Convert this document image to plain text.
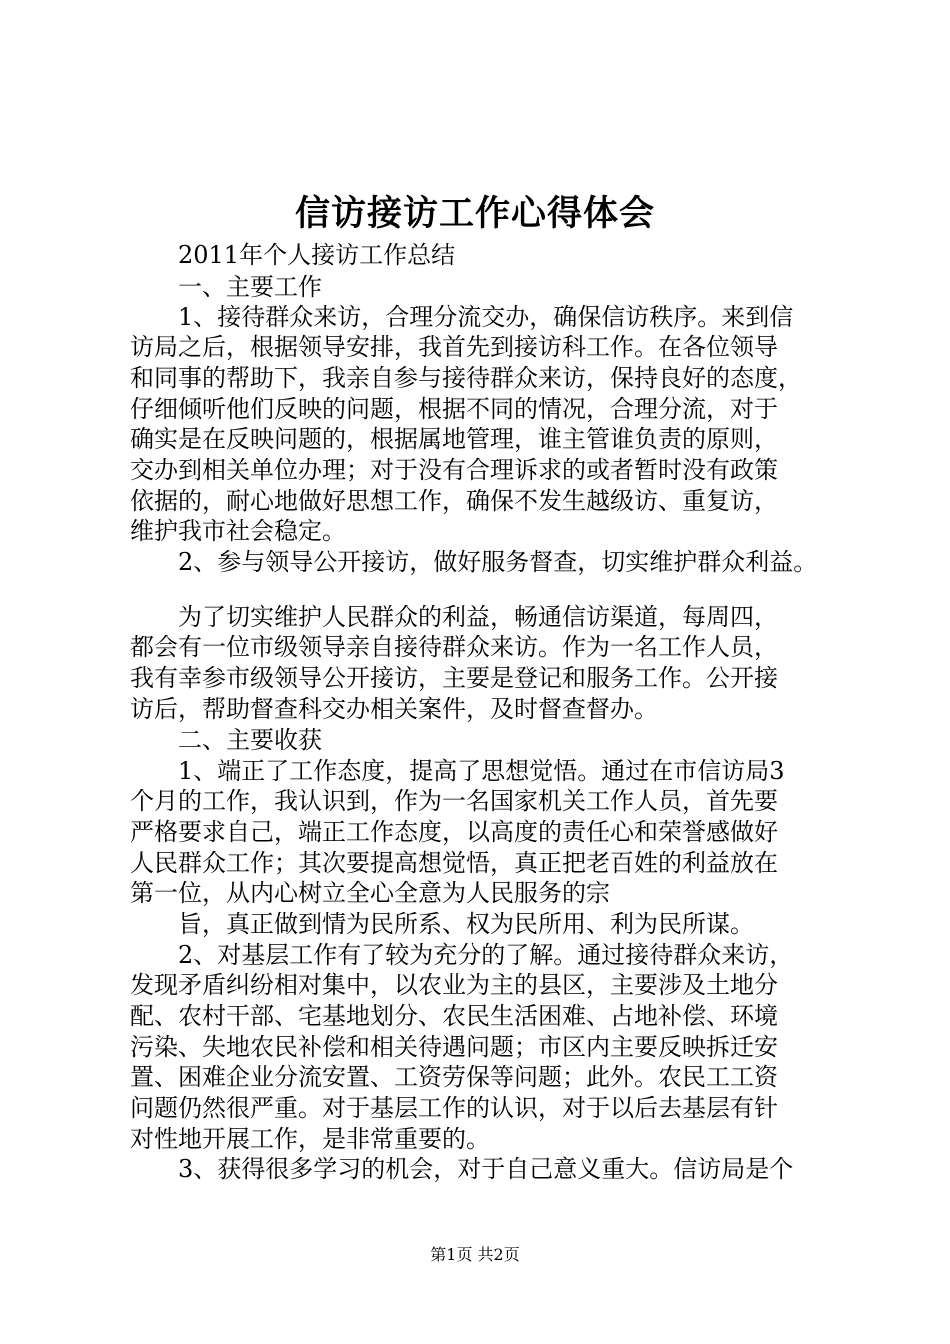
信访接访工作心得体会
2011年个人接访工作总结
一、主要工作
1、接待群众来访，合理分流交办，确保信访秩序。来到信
访局之后，根据领导安排，我首先到接访科工作。在各位领导
和同事的帮助下，我亲自参与接待群众来访，保持良好的态度，
仔细倾听他们反映的问题，根据不同的情况，合理分流，对于
确实是在反映问题的，根据属地管理，谁主管谁负责的原则，
交办到相关单位办理；对于没有合理诉求的或者暂时没有政策
依据的，耐心地做好思想工作，确保不发生越级访、重复访，
维护我市社会稳定。
2、参与领导公开接访，做好服务督查，切实维护群众利益。
为了切实维护人民群众的利益，畅通信访渠道，每周四，
都会有一位市级领导亲自接待群众来访。作为一名工作人员，
我有幸参市级领导公开接访，主要是登记和服务工作。公开接
访后，帮助督查科交办相关案件，及时督查督办。
二、主要收获
1、端正了工作态度，提高了思想觉悟。通过在市信访局3
个月的工作，我认识到，作为一名国家机关工作人员，首先要
严格要求自己，端正工作态度，以高度的责任心和荣誉感做好
人民群众工作；其次要提高想觉悟，真正把老百姓的利益放在
第一位，从内心树立全心全意为人民服务的宗
旨，真正做到情为民所系、权为民所用、利为民所谋。
2、对基层工作有了较为充分的了解。通过接待群众来访，
发现矛盾纠纷相对集中，以农业为主的县区，主要涉及土地分
配、农村干部、宅基地划分、农民生活困难、占地补偿、环境
污染、失地农民补偿和相关待遇问题；市区内主要反映拆迁安
置、困难企业分流安置、工资劳保等问题；此外。农民工工资
问题仍然很严重。对于基层工作的认识，对于以后去基层有针
对性地开展工作，是非常重要的。
3、获得很多学习的机会，对于自己意义重大。信访局是个
第1页 共2页
